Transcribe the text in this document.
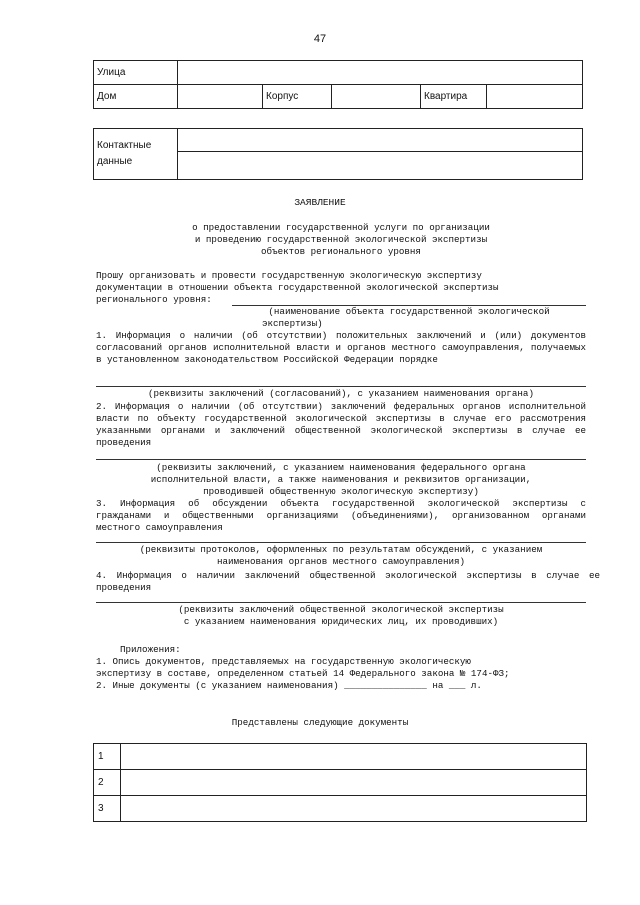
47
Улица				
Дом		Корпус		Квартира
Контактные данные	

ЗАЯВЛЕНИЕ
о предоставлении государственной услуги по организации
и проведению государственной экологической экспертизы
объектов регионального уровня
Прошу организовать и провести государственную экологическую экспертизу
документации в отношении объекта государственной экологической экспертизы
регионального уровня:
(наименование объекта государственной экологической
экспертизы)
1. Информация о наличии (об отсутствии) положительных заключений и (или) документов согласований органов исполнительной власти и органов местного самоуправления, получаемых в установленном законодательством Российской Федерации порядке
(реквизиты заключений (согласований), с указанием наименования органа)
2. Информация о наличии (об отсутствии) заключений федеральных органов исполнительной власти по объекту государственной экологической экспертизы в случае его рассмотрения указанными органами и заключений общественной экологической экспертизы в случае ее проведения
(реквизиты заключений, с указанием наименования федерального органа
исполнительной власти, а также наименования и реквизитов организации,
проводившей общественную экологическую экспертизу)
3. Информация об обсуждении объекта государственной экологической экспертизы с гражданами и общественными организациями (объединениями), организованном органами местного самоуправления
(реквизиты протоколов, оформленных по результатам обсуждений, с указанием
наименования органов местного самоуправления)
4. Информация о наличии заключений общественной экологической экспертизы в случае ее проведения
(реквизиты заключений общественной экологической экспертизы
с указанием наименования юридических лиц, их проводивших)
Приложения:
1. Опись документов, представляемых на государственную экологическую
экспертизу в составе, определенном статьей 14 Федерального закона № 174-ФЗ;
2. Иные документы (с указанием наименования) _______________ на ___ л.
Представлены следующие документы
1	
2	
3	
